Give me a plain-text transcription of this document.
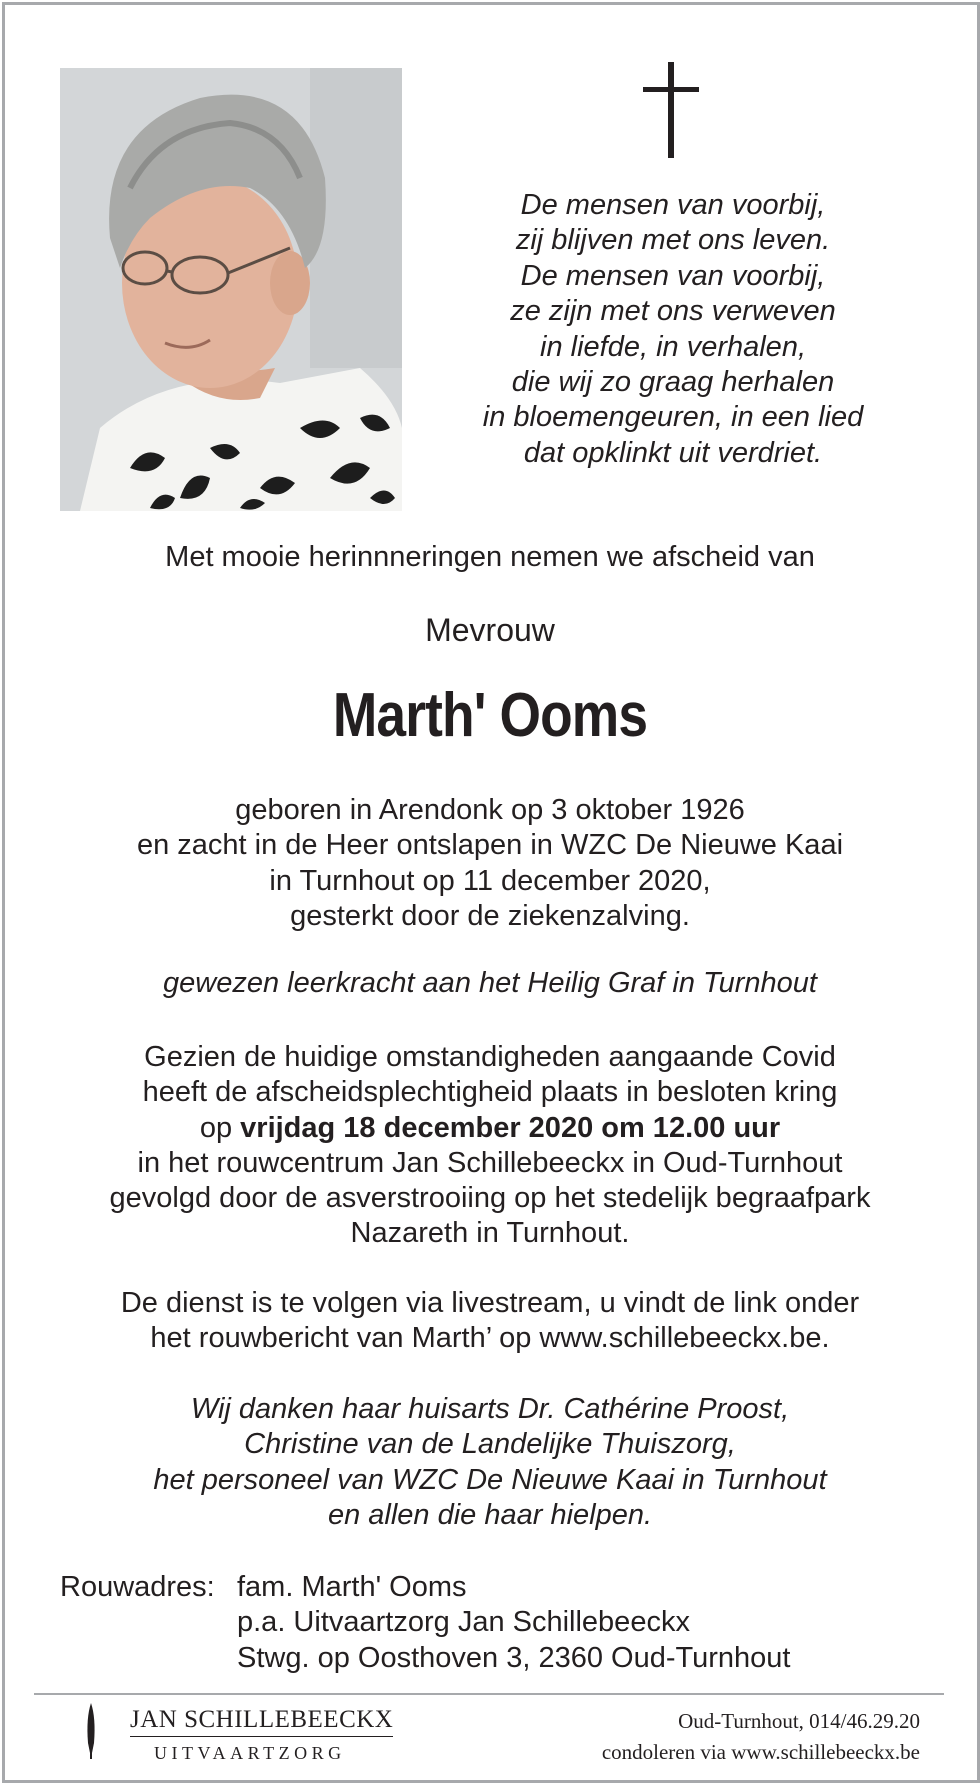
De mensen van voorbij,
zij blijven met ons leven.
De mensen van voorbij,
ze zijn met ons verweven
in liefde, in verhalen,
die wij zo graag herhalen
in bloemengeuren, in een lied
dat opklinkt uit verdriet.

Met mooie herinnneringen nemen we afscheid van

Mevrouw

Marth' Ooms

geboren in Arendonk op 3 oktober 1926
en zacht in de Heer ontslapen in WZC De Nieuwe Kaai
in Turnhout op 11 december 2020,
gesterkt door de ziekenzalving.

gewezen leerkracht aan het Heilig Graf in Turnhout

Gezien de huidige omstandigheden aangaande Covid
heeft de afscheidsplechtigheid plaats in besloten kring
op vrijdag 18 december 2020 om 12.00 uur
in het rouwcentrum Jan Schillebeeckx in Oud-Turnhout
gevolgd door de asverstrooiing op het stedelijk begraafpark
Nazareth in Turnhout.

De dienst is te volgen via livestream, u vindt de link onder
het rouwbericht van Marth’ op www.schillebeeckx.be.

Wij danken haar huisarts Dr. Cathérine Proost,
Christine van de Landelijke Thuiszorg,
het personeel van WZC De Nieuwe Kaai in Turnhout
en allen die haar hielpen.

Rouwadres: fam. Marth' Ooms
p.a. Uitvaartzorg Jan Schillebeeckx
Stwg. op Oosthoven 3, 2360 Oud-Turnhout

JAN SCHILLEBEECKX
UITVAARTZORG

Oud-Turnhout, 014/46.29.20
condoleren via www.schillebeeckx.be
